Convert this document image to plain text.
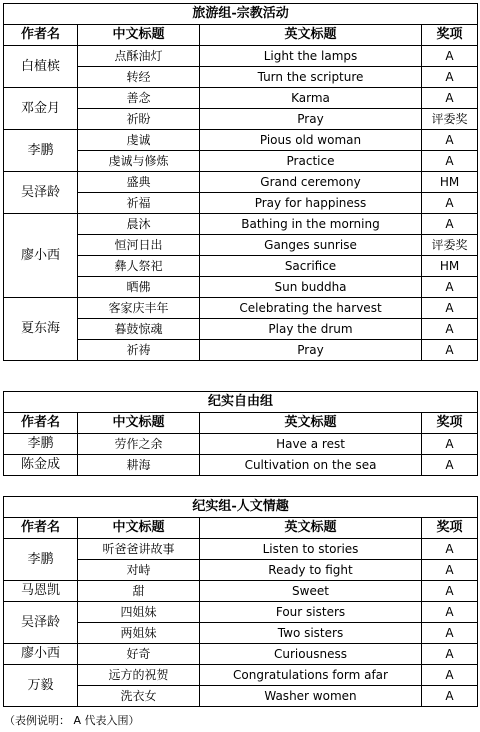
旅游组-宗教活动			
作者名	中文标题	英文标题	奖项
白植槟	点酥油灯	Light the lamps	A
	转经	Turn the scripture	A
邓金月	善念	Karma	A
	祈盼	Pray	评委奖
李鹏	虔诚	Pious old woman	A
	虔诚与修炼	Practice	A
吴泽龄	盛典	Grand ceremony	HM
	祈福	Pray for happiness	A
廖小西	晨沐	Bathing in the morning	A
	恒河日出	Ganges sunrise	评委奖
	彝人祭祀	Sacrifice	HM
	晒佛	Sun buddha	A
夏东海	客家庆丰年	Celebrating the harvest	A
	暮鼓惊魂	Play the drum	A
	祈祷	Pray	A
纪实自由组			
作者名	中文标题	英文标题	奖项
李鹏	劳作之余	Have a rest	A
陈金成	耕海	Cultivation on the sea	A
纪实组-人文情趣			
作者名	中文标题	英文标题	奖项
李鹏	听爸爸讲故事	Listen to stories	A
	对峙	Ready to fight	A
马恩凯	甜	Sweet	A
吴泽龄	四姐妹	Four sisters	A
	两姐妹	Two sisters	A
廖小西	好奇	Curiousness	A
万毅	远方的祝贺	Congratulations form afar	A
	洗衣女	Washer women	A
（表例说明： A 代表入围）
